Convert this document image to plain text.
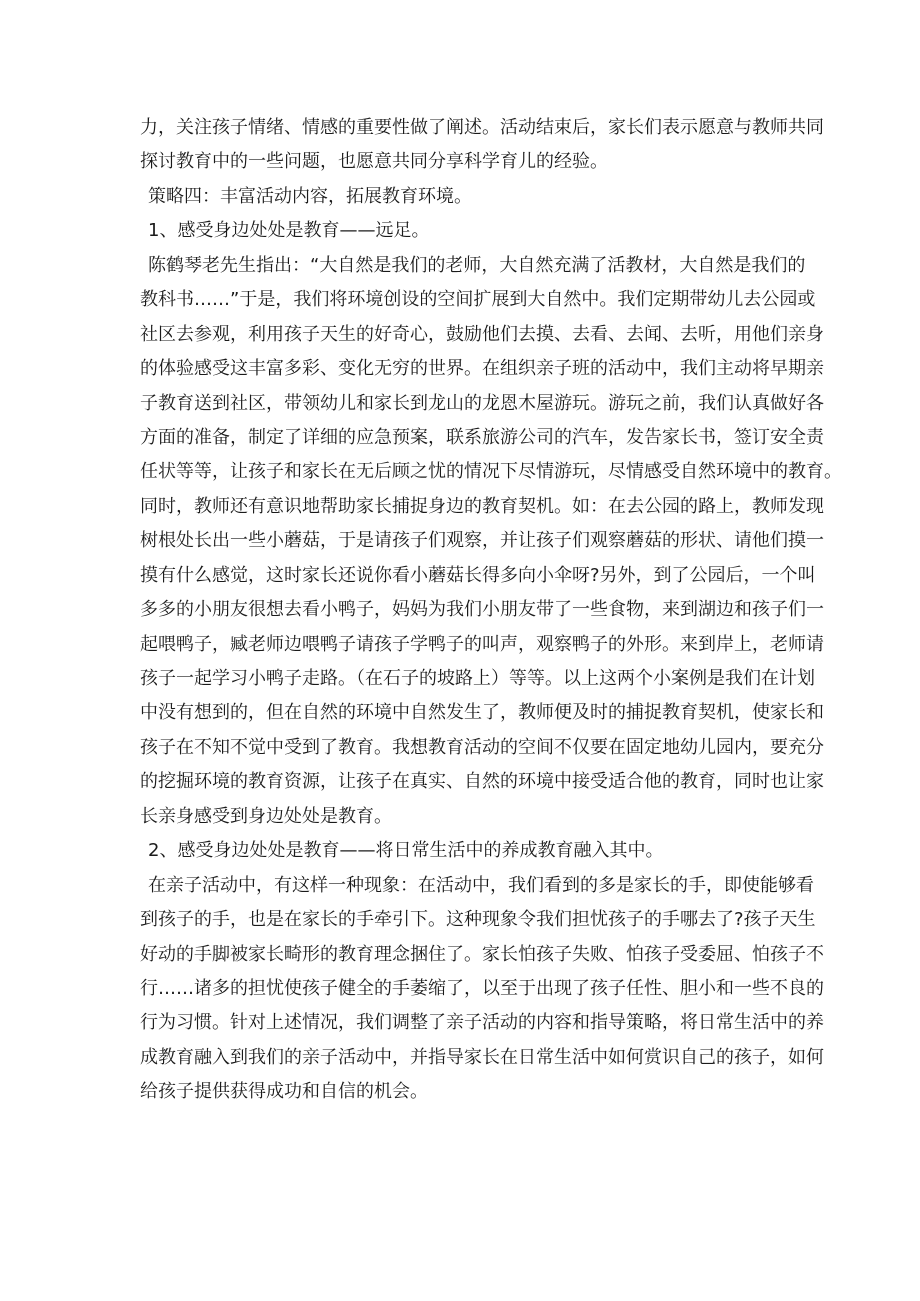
力，关注孩子情绪、情感的重要性做了阐述。活动结束后，家长们表示愿意与教师共同
探讨教育中的一些问题，也愿意共同分享科学育儿的经验。
策略四：丰富活动内容，拓展教育环境。
1、感受身边处处是教育——远足。
陈鹤琴老先生指出：“大自然是我们的老师，大自然充满了活教材，大自然是我们的
教科书……”于是，我们将环境创设的空间扩展到大自然中。我们定期带幼儿去公园或
社区去参观，利用孩子天生的好奇心，鼓励他们去摸、去看、去闻、去听，用他们亲身
的体验感受这丰富多彩、变化无穷的世界。在组织亲子班的活动中，我们主动将早期亲
子教育送到社区，带领幼儿和家长到龙山的龙恩木屋游玩。游玩之前，我们认真做好各
方面的准备，制定了详细的应急预案，联系旅游公司的汽车，发告家长书，签订安全责
任状等等，让孩子和家长在无后顾之忧的情况下尽情游玩，尽情感受自然环境中的教育。
同时，教师还有意识地帮助家长捕捉身边的教育契机。如：在去公园的路上，教师发现
树根处长出一些小蘑菇，于是请孩子们观察，并让孩子们观察蘑菇的形状、请他们摸一
摸有什么感觉，这时家长还说你看小蘑菇长得多向小伞呀?另外，到了公园后，一个叫
多多的小朋友很想去看小鸭子，妈妈为我们小朋友带了一些食物，来到湖边和孩子们一
起喂鸭子，臧老师边喂鸭子请孩子学鸭子的叫声，观察鸭子的外形。来到岸上，老师请
孩子一起学习小鸭子走路。（在石子的坡路上）等等。以上这两个小案例是我们在计划
中没有想到的，但在自然的环境中自然发生了，教师便及时的捕捉教育契机，使家长和
孩子在不知不觉中受到了教育。我想教育活动的空间不仅要在固定地幼儿园内，要充分
的挖掘环境的教育资源，让孩子在真实、自然的环境中接受适合他的教育，同时也让家
长亲身感受到身边处处是教育。
2、感受身边处处是教育——将日常生活中的养成教育融入其中。
在亲子活动中，有这样一种现象：在活动中，我们看到的多是家长的手，即使能够看
到孩子的手，也是在家长的手牵引下。这种现象令我们担忧孩子的手哪去了?孩子天生
好动的手脚被家长畸形的教育理念捆住了。家长怕孩子失败、怕孩子受委屈、怕孩子不
行……诸多的担忧使孩子健全的手萎缩了，以至于出现了孩子任性、胆小和一些不良的
行为习惯。针对上述情况，我们调整了亲子活动的内容和指导策略，将日常生活中的养
成教育融入到我们的亲子活动中，并指导家长在日常生活中如何赏识自己的孩子，如何
给孩子提供获得成功和自信的机会。
